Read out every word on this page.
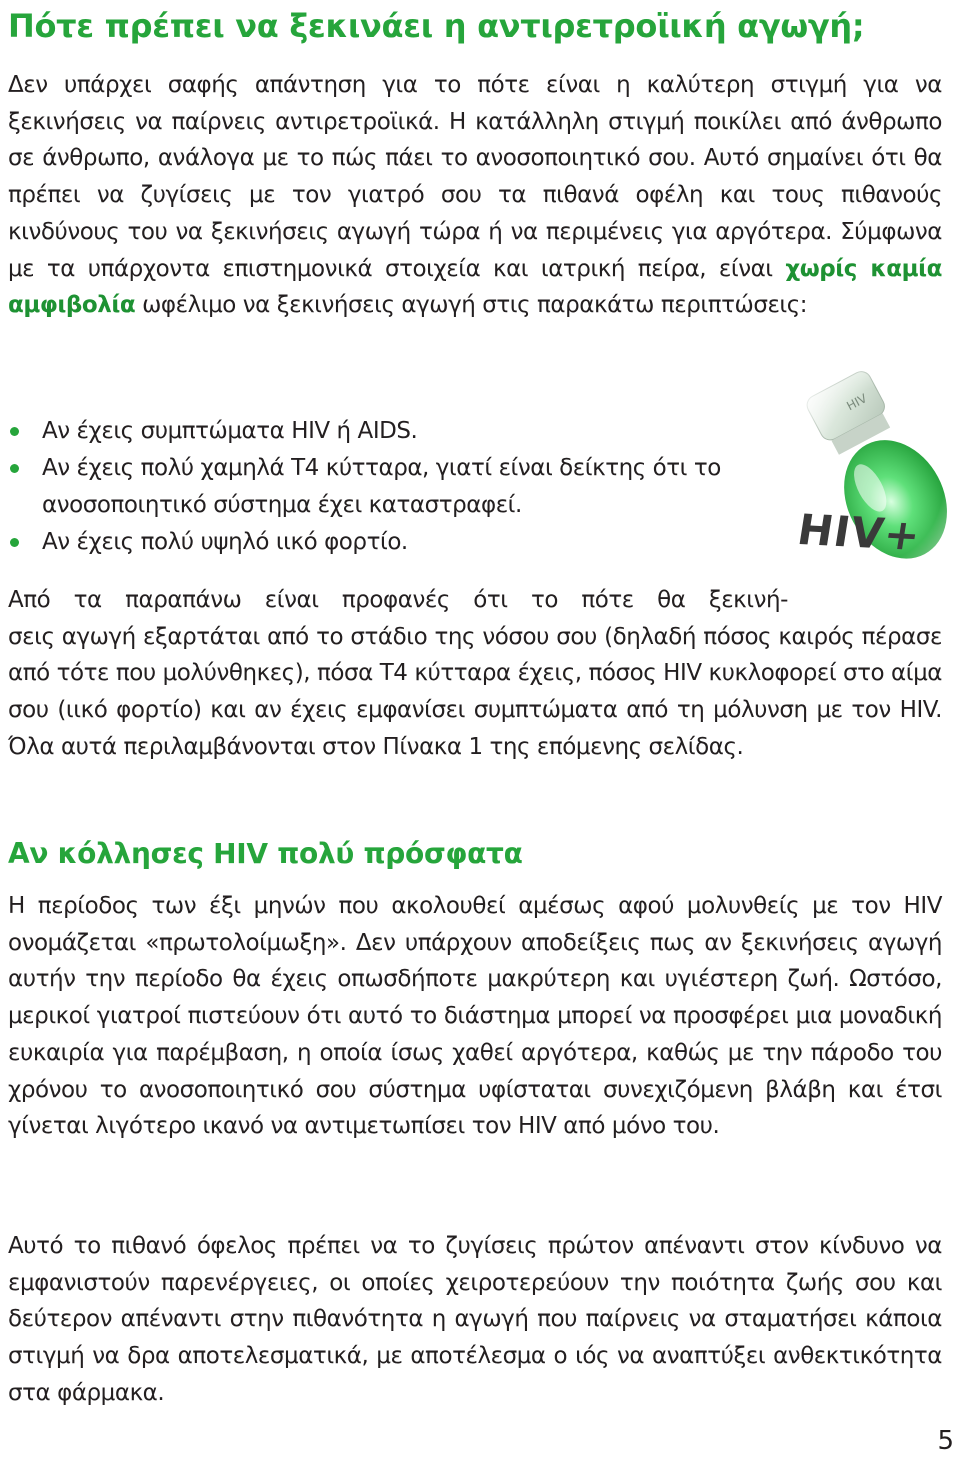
Πότε πρέπει να ξεκινάει η αντιρετροϊική αγωγή;

Δεν υπάρχει σαφής απάντηση για το πότε είναι η καλύτερη στιγμή για να ξεκινήσεις να παίρνεις αντιρετροϊικά. Η κατάλληλη στιγμή ποικίλει από άνθρωπο σε άνθρωπο, ανάλογα με το πώς πάει το ανοσοποιητικό σου. Αυτό σημαίνει ότι θα πρέπει να ζυγίσεις με τον γιατρό σου τα πιθανά οφέλη και τους πιθανούς κινδύνους του να ξεκινήσεις αγωγή τώρα ή να περιμένεις για αργότερα. Σύμφωνα με τα υπάρχοντα επιστημονικά στοιχεία και ιατρική πείρα, είναι χωρίς καμία αμφιβολία ωφέλιμο να ξεκινήσεις αγωγή στις παρακάτω περιπτώσεις:

Αν έχεις συμπτώματα HIV ή AIDS.
Αν έχεις πολύ χαμηλά Τ4 κύτταρα, γιατί είναι δείκτης ότι το ανοσοποιητικό σύστημα έχει καταστραφεί.
Αν έχεις πολύ υψηλό ιικό φορτίο.	HIV+

Από τα παραπάνω είναι προφανές ότι το πότε θα ξεκινή-
σεις αγωγή εξαρτάται από το στάδιο της νόσου σου (δηλαδή πόσος καιρός πέρασε από τότε που μολύνθηκες), πόσα Τ4 κύτταρα έχεις, πόσος HIV κυκλοφορεί στο αίμα σου (ιικό φορτίο) και αν έχεις εμφανίσει συμπτώματα από τη μόλυνση με τον HIV. Όλα αυτά περιλαμβάνονται στον Πίνακα 1 της επόμενης σελίδας.

Αν κόλλησες HIV πολύ πρόσφατα

Η περίοδος των έξι μηνών που ακολουθεί αμέσως αφού μολυνθείς με τον HIV ονομάζεται «πρωτολοίμωξη». Δεν υπάρχουν αποδείξεις πως αν ξεκινήσεις αγωγή αυτήν την περίοδο θα έχεις οπωσδήποτε μακρύτερη και υγιέστερη ζωή. Ωστόσο, μερικοί γιατροί πιστεύουν ότι αυτό το διάστημα μπορεί να προσφέρει μια μοναδική ευκαιρία για παρέμβαση, η οποία ίσως χαθεί αργότερα, καθώς με την πάροδο του χρόνου το ανοσοποιητικό σου σύστημα υφίσταται συνεχιζόμενη βλάβη και έτσι γίνεται λιγότερο ικανό να αντιμετωπίσει τον HIV από μόνο του.

Αυτό το πιθανό όφελος πρέπει να το ζυγίσεις πρώτον απέναντι στον κίνδυνο να εμφανιστούν παρενέργειες, οι οποίες χειροτερεύουν την ποιότητα ζωής σου και δεύτερον απέναντι στην πιθανότητα η αγωγή που παίρνεις να σταματήσει κάποια στιγμή να δρα αποτελεσματικά, με αποτέλεσμα ο ιός να αναπτύξει ανθεκτικότητα στα φάρμακα.

5
